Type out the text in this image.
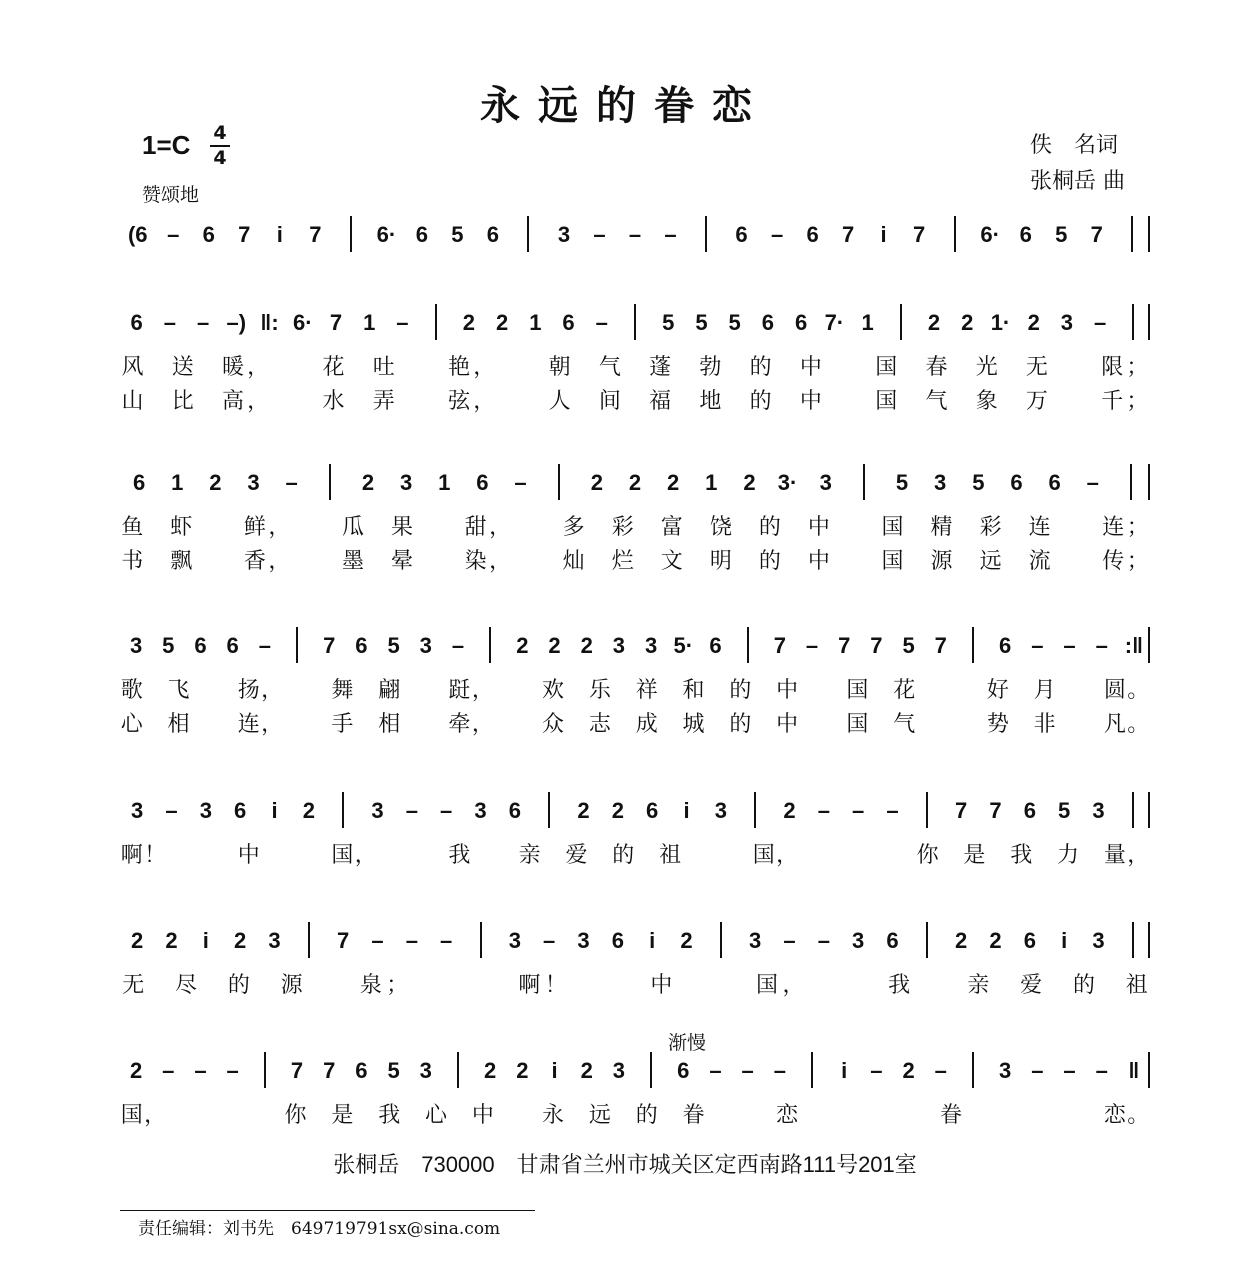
永远的眷恋
1=C 4
4
赞颂地
佚　名词
张桐岳 曲
渐慢
(6 – 6 7	i	7	6· 6 5 6	3 – – –	6 – 6 7	i	7	6· 6 5 7
6 – – –) ‖: 6· 7 1 – 2 2 1 6 – 5 5 5 6 6 7· 1 2 2 1· 2 3 –
风 送 暖 ， 花 吐 艳 ， 朝 气 蓬 勃 的 中 国 春 光 无 限 ；
山 比 高 ， 水 弄 弦 ， 人 间 福 地 的 中 国 气 象 万 千 ；
6 1 2 3 –	2 3 1 6 –	2 2 2 1 2 3· 3	5 3 5 6 6 –
鱼 虾 鲜 ， 瓜 果 甜 ， 多 彩 富 饶 的 中 国 精 彩 连 连 ；
书 飘 香 ， 墨 晕 染 ， 灿 烂 文 明 的 中 国 源 远 流 传 ；
3 5 6 6 – 7 6 5 3 – 2 2 2 3 3 5· 6 7 – 7 7 5 7 6 – – – :‖
歌 飞 扬 ， 舞 翩 跹 ， 欢 乐 祥 和 的 中 国 花	好 月 圆 。
心 相 连 ， 手 相 牵 ， 众 志 成 城 的 中 国 气	势 非 凡 。
3 – 3 6	i	2	3 – – 3 6	2 2 6	i	3	2 – – –	7 7 6 5 3
啊 ！	中	国 ，	我 亲 爱 的 祖	国 ，	你 是 我 力 量 ，
2 2	i	2 3	7 – – –	3 – 3 6	i	2	3 – – 3 6	2 2 6	i	3
无 尽 的 源	泉 ；	啊 ！	中	国 ，	我	亲 爱 的 祖
2 – – – 7 7 6 5 3 2 2	i	2 3 6 – – –	i	– 2 – 3 – – – ‖
国 ，	你 是 我 心 中 永 远 的 眷	恋	眷	恋 。
张桐岳　730000　甘肃省兰州市城关区定西南路111号201室
责任编辑：刘书先　649719791sx@sina.com
